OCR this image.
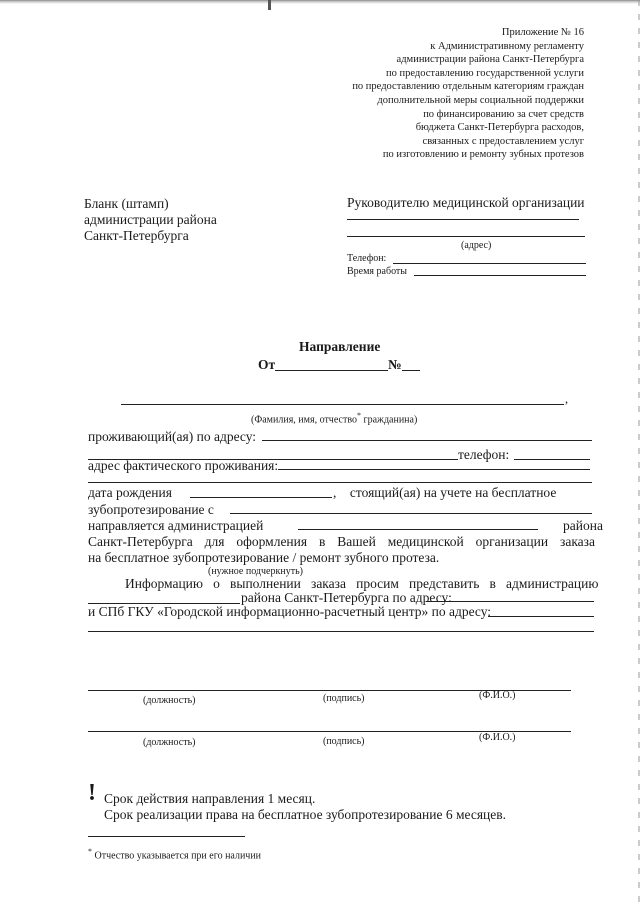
Приложение № 16
к Административному регламенту
администрации района Санкт-Петербурга
по предоставлению государственной услуги
по предоставлению отдельным категориям граждан
дополнительной меры социальной поддержки
по финансированию за счет средств
бюджета Санкт-Петербурга расходов,
связанных с предоставлением услуг
по изготовлению и ремонту зубных протезов
Бланк (штамп)
администрации района
Санкт-Петербурга
Руководителю медицинской организации
(адрес)
Телефон:
Время работы
Направление
От	№
,
(Фамилия, имя, отчество* гражданина)
проживающий(ая) по адресу:
телефон:
адрес фактического проживания:
дата рождения	,    стоящий(ая) на учете на бесплатное
зубопротезирование с
направляется администрацией	района
Санкт-Петербурга   для   оформления   в   Вашей   медицинской   организации   заказа
на бесплатное зубопротезирование / ремонт зубного протеза.
(нужное подчеркнуть)
Информацию   о   выполнении   заказа   просим   представить   в   администрацию
района Санкт-Петербурга по адресу:
и СПб ГКУ «Городской информационно-расчетный центр» по адресу:
(должность)	(подпись)	(Ф.И.О.)
(должность)	(подпись)	(Ф.И.О.)
! Срок действия направления 1 месяц.
Срок реализации права на бесплатное зубопротезирование 6 месяцев.
* Отчество указывается при его наличии
